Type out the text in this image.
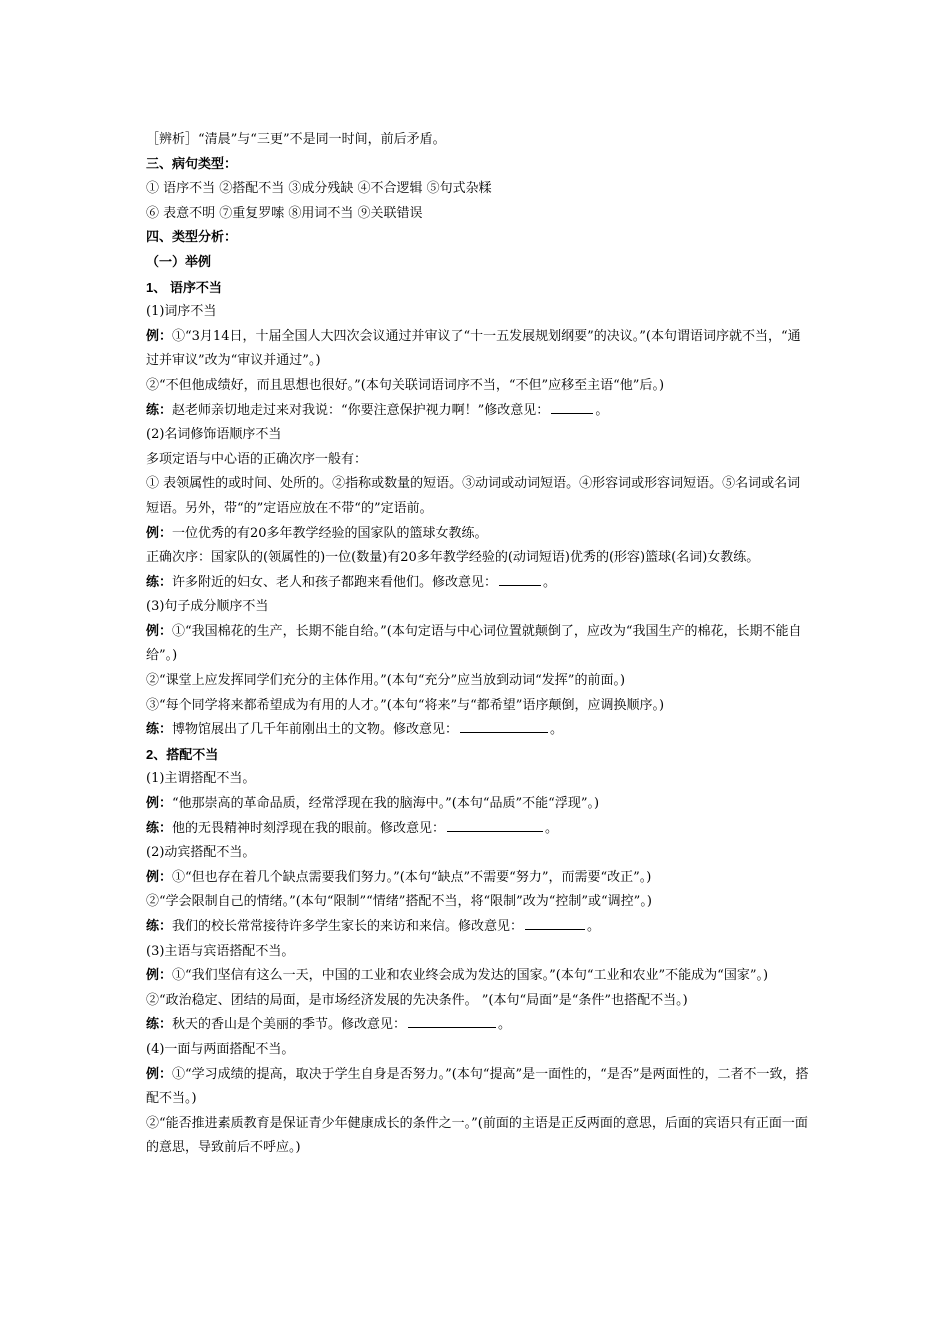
［辨析］“清晨”与“三更”不是同一时间，前后矛盾。
三、病句类型：
① 语序不当 ②搭配不当 ③成分残缺 ④不合逻辑 ⑤句式杂糅
⑥ 表意不明 ⑦重复罗嗦 ⑧用词不当 ⑨关联错误
四、类型分析：
（一）举例
1、 语序不当
(1)词序不当
例：①“3月14日，十届全国人大四次会议通过并审议了“十一五发展规划纲要”的决议。”(本句谓语词序就不当，“通过并审议”改为“审议并通过”。)
②“不但他成绩好，而且思想也很好。”(本句关联词语词序不当，“不但”应移至主语“他”后。)
练：赵老师亲切地走过来对我说：“你要注意保护视力啊！”修改意见：	。
(2)名词修饰语顺序不当
多项定语与中心语的正确次序一般有：
① 表领属性的或时间、处所的。②指称或数量的短语。③动词或动词短语。④形容词或形容词短语。⑤名词或名词短语。另外，带“的”定语应放在不带“的”定语前。
例：一位优秀的有20多年教学经验的国家队的篮球女教练。
正确次序：国家队的(领属性的)一位(数量)有20多年教学经验的(动词短语)优秀的(形容)篮球(名词)女教练。
练：许多附近的妇女、老人和孩子都跑来看他们。修改意见：	。
(3)句子成分顺序不当
例：①“我国棉花的生产，长期不能自给。”(本句定语与中心词位置就颠倒了，应改为“我国生产的棉花，长期不能自给”。)
②“课堂上应发挥同学们充分的主体作用。”(本句“充分”应当放到动词“发挥”的前面。)
③“每个同学将来都希望成为有用的人才。”(本句“将来”与“都希望”语序颠倒，应调换顺序。)
练：博物馆展出了几千年前刚出土的文物。修改意见：	。
2、搭配不当
(1)主谓搭配不当。
例：“他那崇高的革命品质，经常浮现在我的脑海中。”(本句“品质”不能“浮现”。)
练：他的无畏精神时刻浮现在我的眼前。修改意见：	。
(2)动宾搭配不当。
例：①“但也存在着几个缺点需要我们努力。”(本句“缺点”不需要“努力”，而需要“改正”。)
②“学会限制自己的情绪。”(本句“限制”“情绪”搭配不当，将“限制”改为“控制”或“调控”。)
练：我们的校长常常接待许多学生家长的来访和来信。修改意见：	。
(3)主语与宾语搭配不当。
例：①“我们坚信有这么一天，中国的工业和农业终会成为发达的国家。”(本句“工业和农业”不能成为“国家”。)
②“政治稳定、团结的局面，是市场经济发展的先决条件。 ”(本句“局面”是“条件”也搭配不当。)
练：秋天的香山是个美丽的季节。修改意见：	。
(4)一面与两面搭配不当。
例：①“学习成绩的提高，取决于学生自身是否努力。”(本句“提高”是一面性的，“是否”是两面性的，二者不一致，搭配不当。)
②“能否推进素质教育是保证青少年健康成长的条件之一。”(前面的主语是正反两面的意思，后面的宾语只有正面一面的意思，导致前后不呼应。)
